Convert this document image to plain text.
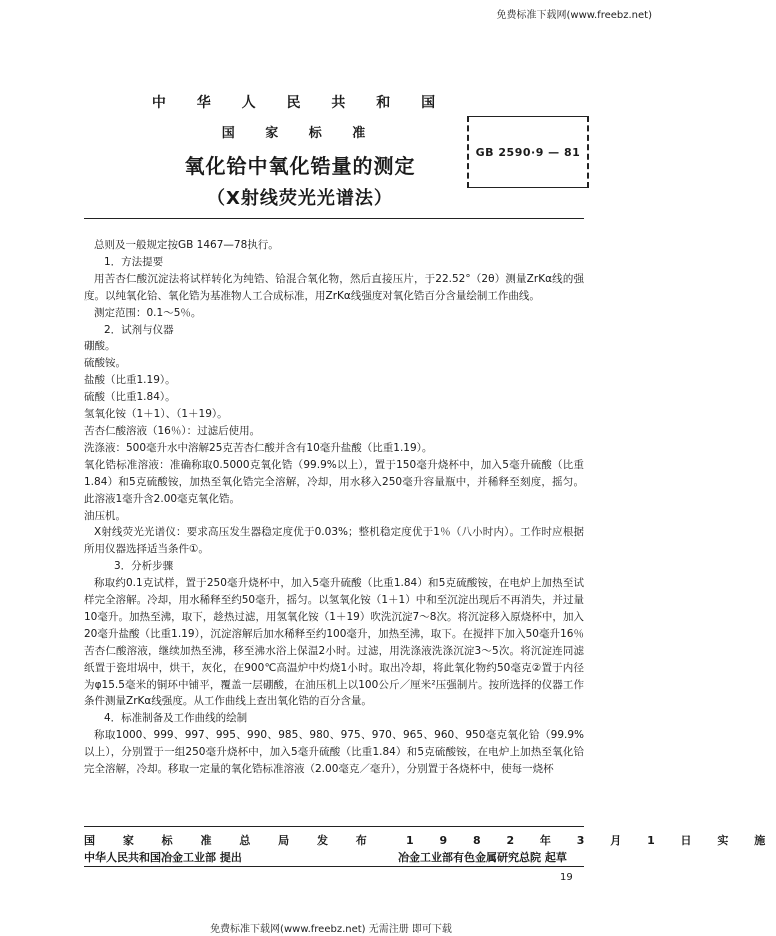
免费标准下载网(www.freebz.net)
中 华 人 民 共 和 国
国 家 标 准
氧化铪中氧化锆量的测定
（X射线荧光光谱法）
GB 2590·9 — 81

总则及一般规定按GB 1467—78执行。

1．方法提要

用苦杏仁酸沉淀法将试样转化为纯锆、铪混合氧化物，然后直接压片，于22.52°（2θ）测量ZrKα线的强度。以纯氧化铪、氧化锆为基准物人工合成标准，用ZrKα线强度对氧化锆百分含量绘制工作曲线。

测定范围：0.1～5％。

2．试剂与仪器

硼酸。

硫酸铵。

盐酸（比重1.19）。

硫酸（比重1.84）。

氢氧化铵（1＋1）、（1＋19）。

苦杏仁酸溶液（16％）：过滤后使用。

洗涤液：500毫升水中溶解25克苦杏仁酸并含有10毫升盐酸（比重1.19）。

氧化锆标准溶液：准确称取0.5000克氧化锆（99.9%以上），置于150毫升烧杯中，加入5毫升硫酸（比重1.84）和5克硫酸铵，加热至氧化锆完全溶解，冷却，用水移入250毫升容量瓶中，并稀释至刻度，摇匀。此溶液1毫升含2.00毫克氧化锆。

油压机。

X射线荧光光谱仪：要求高压发生器稳定度优于0.03%；整机稳定度优于1％（八小时内）。工作时应根据所用仪器选择适当条件①。

3．分析步骤

称取约0.1克试样，置于250毫升烧杯中，加入5毫升硫酸（比重1.84）和5克硫酸铵，在电炉上加热至试样完全溶解。冷却，用水稀释至约50毫升，摇匀。以氢氧化铵（1＋1）中和至沉淀出现后不再消失，并过量10毫升。加热至沸，取下，趁热过滤，用氢氧化铵（1＋19）吹洗沉淀7～8次。将沉淀移入原烧杯中，加入20毫升盐酸（比重1.19），沉淀溶解后加水稀释至约100毫升，加热至沸，取下。在搅拌下加入50毫升16％苦杏仁酸溶液，继续加热至沸，移至沸水浴上保温2小时。过滤，用洗涤液洗涤沉淀3～5次。将沉淀连同滤纸置于瓷坩埚中，烘干，灰化，在900℃高温炉中灼烧1小时。取出冷却，将此氧化物约50毫克②置于内径为φ15.5毫米的铜环中铺平，覆盖一层硼酸，在油压机上以100公斤／厘米²压强制片。按所选择的仪器工作条件测量ZrKα线强度。从工作曲线上查出氧化锆的百分含量。

4．标准制备及工作曲线的绘制

称取1000、999、997、995、990、985、980、975、970、965、960、950毫克氧化铪（99.9%以上），分别置于一组250毫升烧杯中，加入5毫升硫酸（比重1.84）和5克硫酸铵，在电炉上加热至氧化铪完全溶解，冷却。移取一定量的氧化锆标准溶液（2.00毫克／毫升），分别置于各烧杯中，使每一烧杯

国 家 标 准 总 局 发 布 1 9 8 2 年 3 月 1 日 实 施
中华人民共和国冶金工业部 提出	冶金工业部有色金属研究总院 起草
19
免费标准下载网(www.freebz.net) 无需注册 即可下载
